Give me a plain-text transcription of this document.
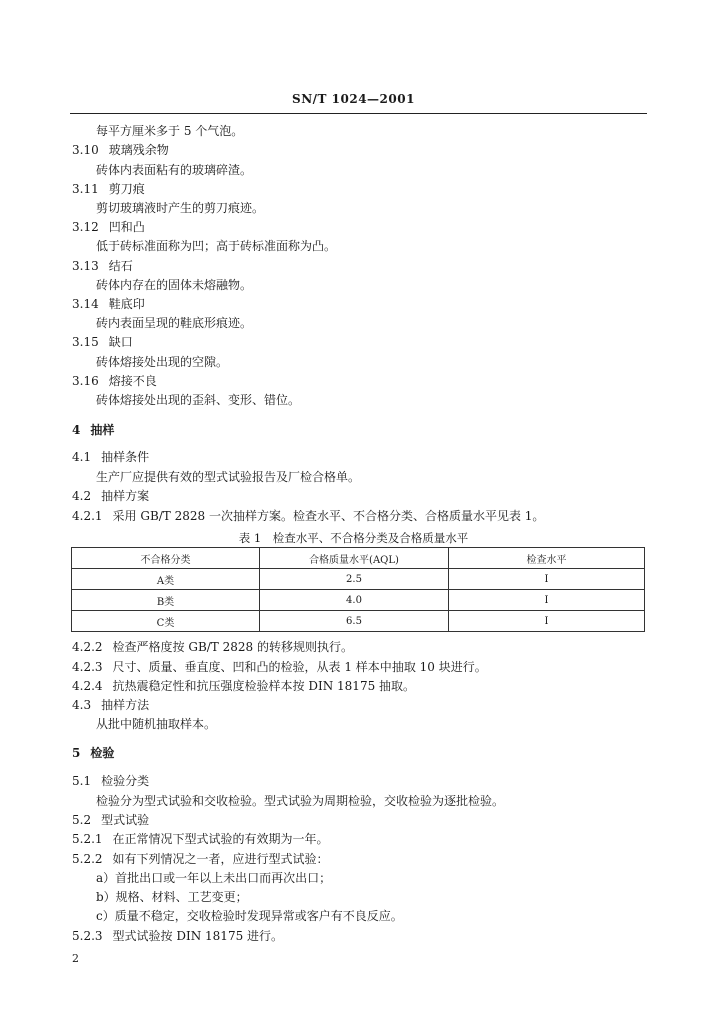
SN/T 1024—2001
每平方厘米多于 5 个气泡。
3.10 玻璃残余物
砖体内表面粘有的玻璃碎渣。
3.11 剪刀痕
剪切玻璃液时产生的剪刀痕迹。
3.12 凹和凸
低于砖标准面称为凹；高于砖标准面称为凸。
3.13 结石
砖体内存在的固体未熔融物。
3.14 鞋底印
砖内表面呈现的鞋底形痕迹。
3.15 缺口
砖体熔接处出现的空隙。
3.16 熔接不良
砖体熔接处出现的歪斜、变形、错位。
4 抽样
4.1 抽样条件
生产厂应提供有效的型式试验报告及厂检合格单。
4.2 抽样方案
4.2.1 采用 GB/T 2828 一次抽样方案。检查水平、不合格分类、合格质量水平见表 1。
表 1　检查水平、不合格分类及合格质量水平
不合格分类	合格质量水平(AQL)	检查水平
A类	2.5	Ⅰ
B类	4.0	Ⅰ
C类	6.5	Ⅰ
4.2.2 检查严格度按 GB/T 2828 的转移规则执行。
4.2.3 尺寸、质量、垂直度、凹和凸的检验，从表 1 样本中抽取 10 块进行。
4.2.4 抗热震稳定性和抗压强度检验样本按 DIN 18175 抽取。
4.3 抽样方法
从批中随机抽取样本。
5 检验
5.1 检验分类
检验分为型式试验和交收检验。型式试验为周期检验，交收检验为逐批检验。
5.2 型式试验
5.2.1 在正常情况下型式试验的有效期为一年。
5.2.2 如有下列情况之一者，应进行型式试验：
a）首批出口或一年以上未出口而再次出口；
b）规格、材料、工艺变更；
c）质量不稳定，交收检验时发现异常或客户有不良反应。
5.2.3 型式试验按 DIN 18175 进行。
2
